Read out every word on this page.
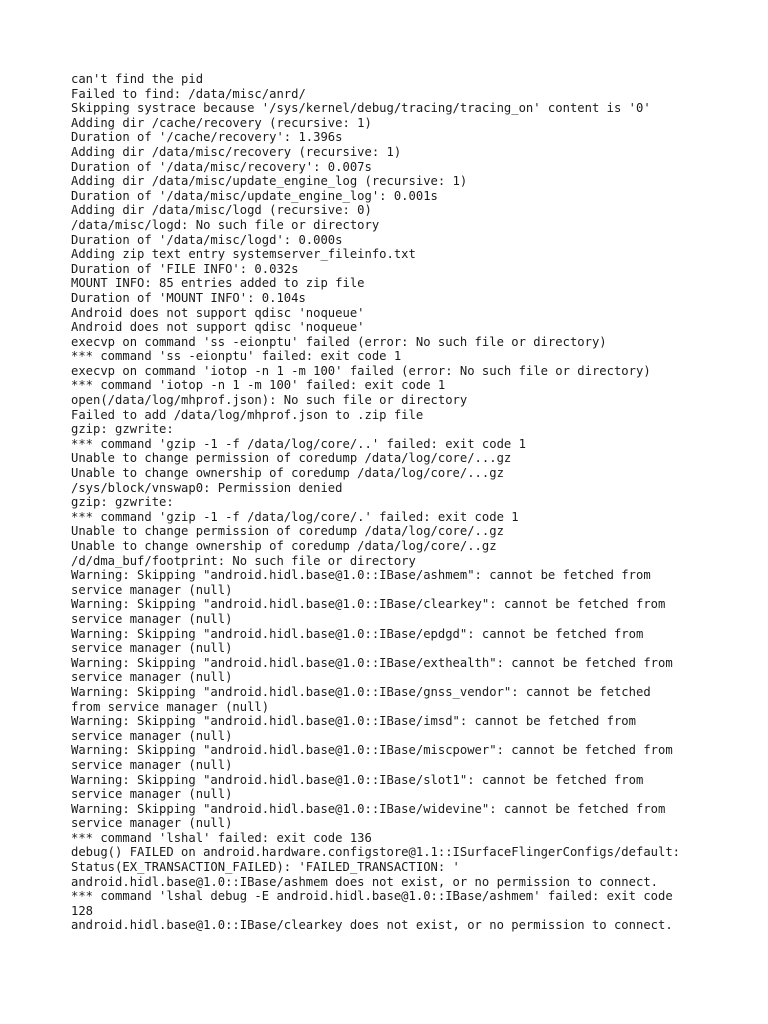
can't find the pid
Failed to find: /data/misc/anrd/
Skipping systrace because '/sys/kernel/debug/tracing/tracing_on' content is '0'
Adding dir /cache/recovery (recursive: 1)
Duration of '/cache/recovery': 1.396s
Adding dir /data/misc/recovery (recursive: 1)
Duration of '/data/misc/recovery': 0.007s
Adding dir /data/misc/update_engine_log (recursive: 1)
Duration of '/data/misc/update_engine_log': 0.001s
Adding dir /data/misc/logd (recursive: 0)
/data/misc/logd: No such file or directory
Duration of '/data/misc/logd': 0.000s
Adding zip text entry systemserver_fileinfo.txt
Duration of 'FILE INFO': 0.032s
MOUNT INFO: 85 entries added to zip file
Duration of 'MOUNT INFO': 0.104s
Android does not support qdisc 'noqueue'
Android does not support qdisc 'noqueue'
execvp on command 'ss -eionptu' failed (error: No such file or directory)
*** command 'ss -eionptu' failed: exit code 1
execvp on command 'iotop -n 1 -m 100' failed (error: No such file or directory)
*** command 'iotop -n 1 -m 100' failed: exit code 1
open(/data/log/mhprof.json): No such file or directory
Failed to add /data/log/mhprof.json to .zip file
gzip: gzwrite:
*** command 'gzip -1 -f /data/log/core/..' failed: exit code 1
Unable to change permission of coredump /data/log/core/...gz
Unable to change ownership of coredump /data/log/core/...gz
/sys/block/vnswap0: Permission denied
gzip: gzwrite:
*** command 'gzip -1 -f /data/log/core/.' failed: exit code 1
Unable to change permission of coredump /data/log/core/..gz
Unable to change ownership of coredump /data/log/core/..gz
/d/dma_buf/footprint: No such file or directory
Warning: Skipping "android.hidl.base@1.0::IBase/ashmem": cannot be fetched from
service manager (null)
Warning: Skipping "android.hidl.base@1.0::IBase/clearkey": cannot be fetched from
service manager (null)
Warning: Skipping "android.hidl.base@1.0::IBase/epdgd": cannot be fetched from
service manager (null)
Warning: Skipping "android.hidl.base@1.0::IBase/exthealth": cannot be fetched from
service manager (null)
Warning: Skipping "android.hidl.base@1.0::IBase/gnss_vendor": cannot be fetched
from service manager (null)
Warning: Skipping "android.hidl.base@1.0::IBase/imsd": cannot be fetched from
service manager (null)
Warning: Skipping "android.hidl.base@1.0::IBase/miscpower": cannot be fetched from
service manager (null)
Warning: Skipping "android.hidl.base@1.0::IBase/slot1": cannot be fetched from
service manager (null)
Warning: Skipping "android.hidl.base@1.0::IBase/widevine": cannot be fetched from
service manager (null)
*** command 'lshal' failed: exit code 136
debug() FAILED on android.hardware.configstore@1.1::ISurfaceFlingerConfigs/default:
Status(EX_TRANSACTION_FAILED): 'FAILED_TRANSACTION: '
android.hidl.base@1.0::IBase/ashmem does not exist, or no permission to connect.
*** command 'lshal debug -E android.hidl.base@1.0::IBase/ashmem' failed: exit code
128
android.hidl.base@1.0::IBase/clearkey does not exist, or no permission to connect.
